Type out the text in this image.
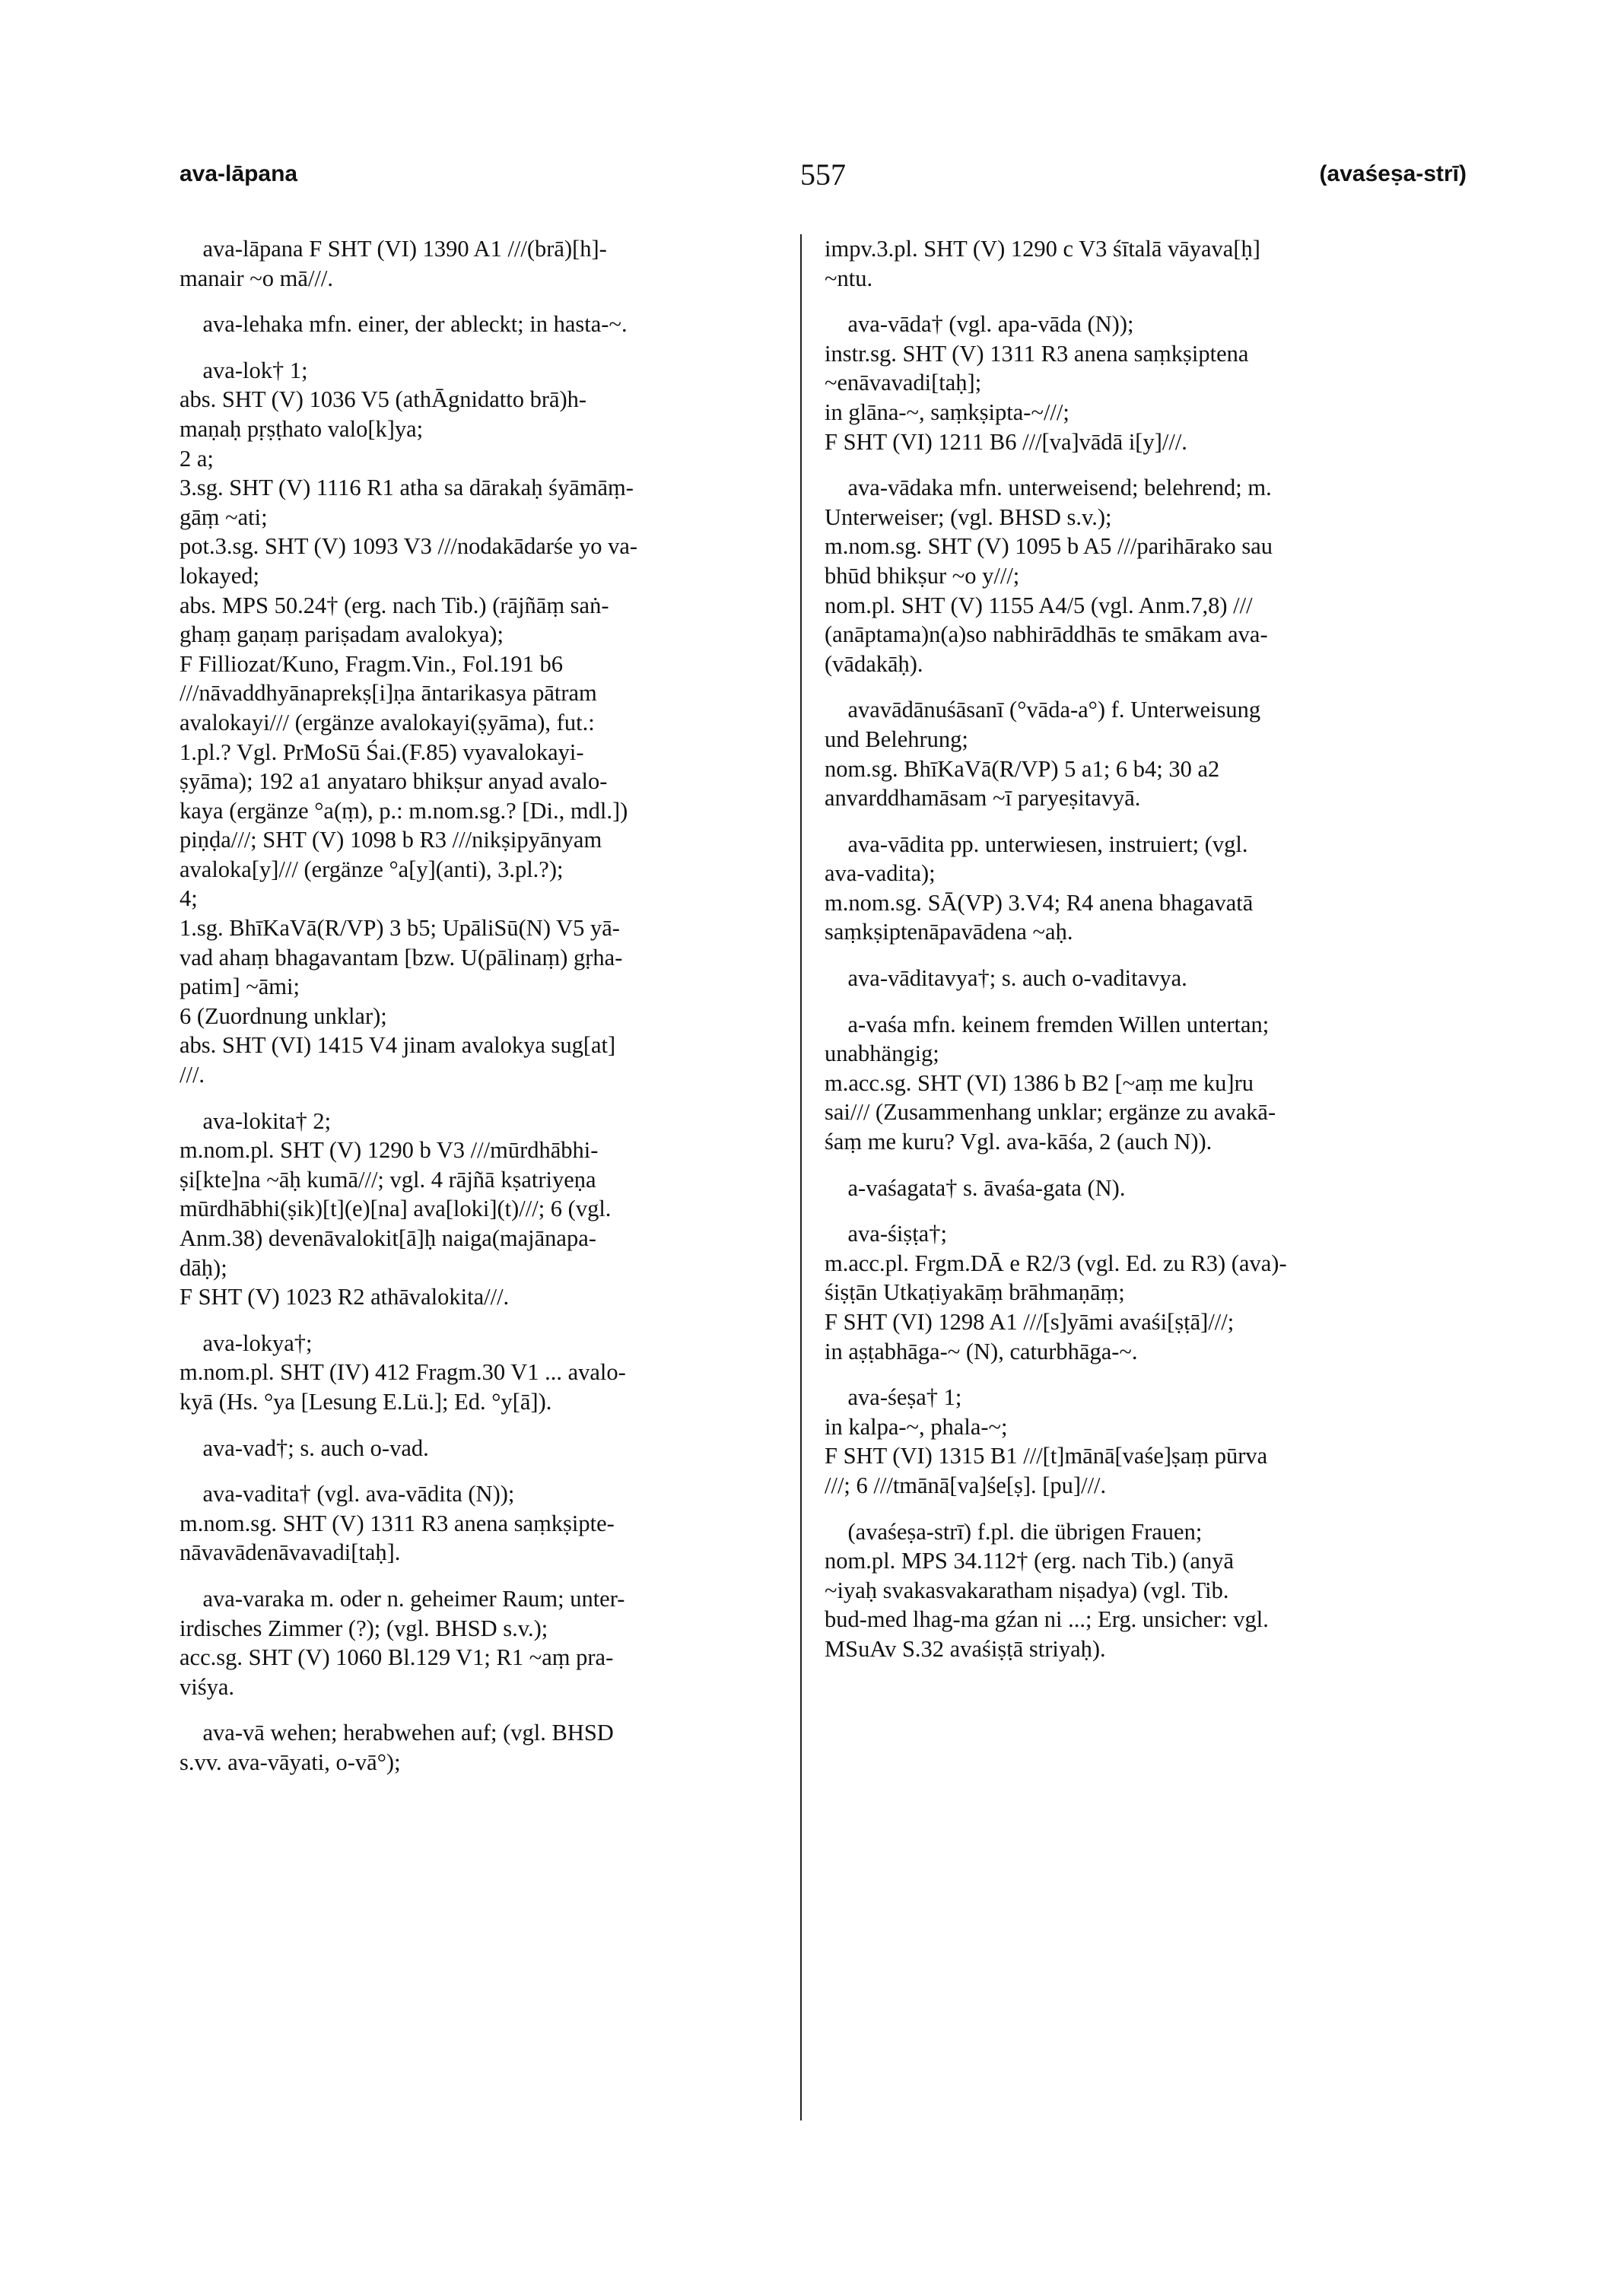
ava-lāpana	557	(avaśeṣa-strī)
ava-lāpana F SHT (VI) 1390 A1 ///(brā)[h]-
manair ~o mā///.
ava-lehaka mfn. einer, der ableckt; in hasta-~.
ava-lok† 1;
abs. SHT (V) 1036 V5 (athĀgnidatto brā)h-
maṇaḥ pṛṣṭhato valo[k]ya;
2 a;
3.sg. SHT (V) 1116 R1 atha sa dārakaḥ śyāmāṃ-
gāṃ ~ati;
pot.3.sg. SHT (V) 1093 V3 ///nodakādarśe yo va-
lokayed;
abs. MPS 50.24† (erg. nach Tib.) (rājñāṃ saṅ-
ghaṃ gaṇaṃ pariṣadam avalokya);
F Filliozat/Kuno, Fragm.Vin., Fol.191 b6
///nāvaddhyānaprekṣ[i]ṇa āntarikasya pātram
avalokayi/// (ergänze avalokayi(ṣyāma), fut.:
1.pl.? Vgl. PrMoSū Śai.(F.85) vyavalokayi-
ṣyāma); 192 a1 anyataro bhikṣur anyad avalo-
kaya (ergänze °a(ṃ), p.: m.nom.sg.? [Di., mdl.])
piṇḍa///; SHT (V) 1098 b R3 ///nikṣipyānyam
avaloka[y]/// (ergänze °a[y](anti), 3.pl.?);
4;
1.sg. BhīKaVā(R/VP) 3 b5; UpāliSū(N) V5 yā-
vad ahaṃ bhagavantam [bzw. U(pālinaṃ) gṛha-
patim] ~āmi;
6 (Zuordnung unklar);
abs. SHT (VI) 1415 V4 jinam avalokya sug[at]
///.
ava-lokita† 2;
m.nom.pl. SHT (V) 1290 b V3 ///mūrdhābhi-
ṣi[kte]na ~āḥ kumā///; vgl. 4 rājñā kṣatriyeṇa
mūrdhābhi(ṣik)[t](e)[na] ava[loki](t)///; 6 (vgl.
Anm.38) devenāvalokit[ā]ḥ naiga(majānapa-
dāḥ);
F SHT (V) 1023 R2 athāvalokita///.
ava-lokya†;
m.nom.pl. SHT (IV) 412 Fragm.30 V1 ... avalo-
kyā (Hs. °ya [Lesung E.Lü.]; Ed. °y[ā]).
ava-vad†; s. auch o-vad.
ava-vadita† (vgl. ava-vādita (N));
m.nom.sg. SHT (V) 1311 R3 anena saṃkṣipte-
nāvavādenāvavadi[taḥ].
ava-varaka m. oder n. geheimer Raum; unter-
irdisches Zimmer (?); (vgl. BHSD s.v.);
acc.sg. SHT (V) 1060 Bl.129 V1; R1 ~aṃ pra-
viśya.
ava-vā wehen; herabwehen auf; (vgl. BHSD
s.vv. ava-vāyati, o-vā°);
impv.3.pl. SHT (V) 1290 c V3 śītalā vāyava[ḥ]
~ntu.
ava-vāda† (vgl. apa-vāda (N));
instr.sg. SHT (V) 1311 R3 anena saṃkṣiptena
~enāvavadi[taḥ];
in glāna-~, saṃkṣipta-~///;
F SHT (VI) 1211 B6 ///[va]vādā i[y]///.
ava-vādaka mfn. unterweisend; belehrend; m.
Unterweiser; (vgl. BHSD s.v.);
m.nom.sg. SHT (V) 1095 b A5 ///parihārako sau
bhūd bhikṣur ~o y///;
nom.pl. SHT (V) 1155 A4/5 (vgl. Anm.7,8) ///
(anāptama)n(a)so nabhirāddhās te smākam ava-
(vādakāḥ).
avavādānuśāsanī (°vāda-a°) f. Unterweisung
und Belehrung;
nom.sg. BhīKaVā(R/VP) 5 a1; 6 b4; 30 a2
anvarddhamāsam ~ī paryeṣitavyā.
ava-vādita pp. unterwiesen, instruiert; (vgl.
ava-vadita);
m.nom.sg. SĀ(VP) 3.V4; R4 anena bhagavatā
saṃkṣiptenāpavādena ~aḥ.
ava-vāditavya†; s. auch o-vaditavya.
a-vaśa mfn. keinem fremden Willen untertan;
unabhängig;
m.acc.sg. SHT (VI) 1386 b B2 [~aṃ me ku]ru
sai/// (Zusammenhang unklar; ergänze zu avakā-
śaṃ me kuru? Vgl. ava-kāśa, 2 (auch N)).
a-vaśagata† s. āvaśa-gata (N).
ava-śiṣṭa†;
m.acc.pl. Frgm.DĀ e R2/3 (vgl. Ed. zu R3) (ava)-
śiṣṭān Utkaṭiyakāṃ brāhmaṇāṃ;
F SHT (VI) 1298 A1 ///[s]yāmi avaśi[ṣṭā]///;
in aṣṭabhāga-~ (N), caturbhāga-~.
ava-śeṣa† 1;
in kalpa-~, phala-~;
F SHT (VI) 1315 B1 ///[t]mānā[vaśe]ṣaṃ pūrva
///; 6 ///tmānā[va]śe[ṣ]. [pu]///.
(avaśeṣa-strī) f.pl. die übrigen Frauen;
nom.pl. MPS 34.112† (erg. nach Tib.) (anyā
~iyaḥ svakasvakaratham niṣadya) (vgl. Tib.
bud-med lhag-ma gźan ni ...; Erg. unsicher: vgl.
MSuAv S.32 avaśiṣṭā striyaḥ).
